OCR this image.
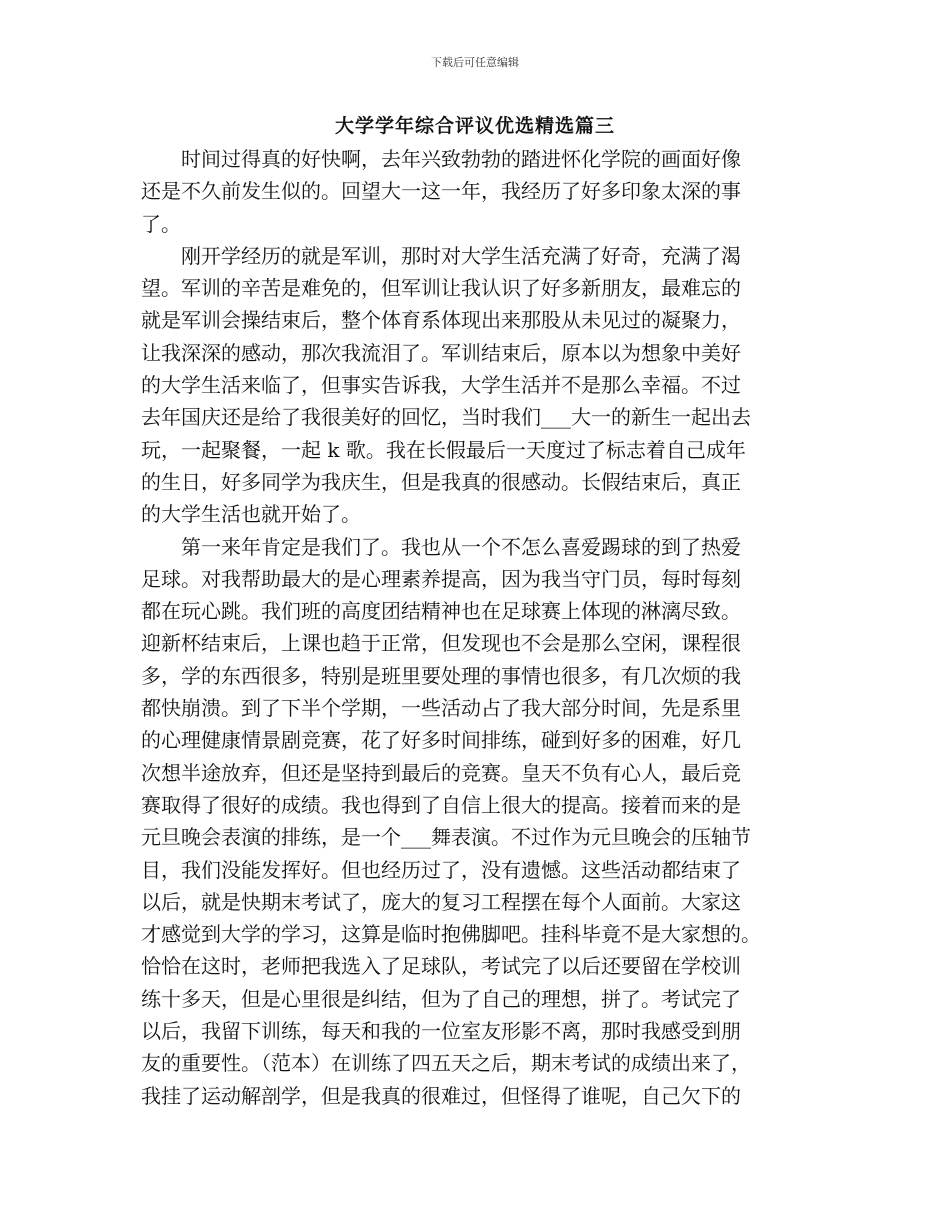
下载后可任意编辑
大学学年综合评议优选精选篇三
　　时间过得真的好快啊，去年兴致勃勃的踏进怀化学院的画面好像
还是不久前发生似的。回望大一这一年，我经历了好多印象太深的事
了。
　　刚开学经历的就是军训，那时对大学生活充满了好奇，充满了渴
望。军训的辛苦是难免的，但军训让我认识了好多新朋友，最难忘的
就是军训会操结束后，整个体育系体现出来那股从未见过的凝聚力，
让我深深的感动，那次我流泪了。军训结束后，原本以为想象中美好
的大学生活来临了，但事实告诉我，大学生活并不是那么幸福。不过
去年国庆还是给了我很美好的回忆，当时我们___大一的新生一起出去
玩，一起聚餐，一起 k 歌。我在长假最后一天度过了标志着自己成年
的生日，好多同学为我庆生，但是我真的很感动。长假结束后，真正
的大学生活也就开始了。
　　第一来年肯定是我们了。我也从一个不怎么喜爱踢球的到了热爱
足球。对我帮助最大的是心理素养提高，因为我当守门员，每时每刻
都在玩心跳。我们班的高度团结精神也在足球赛上体现的淋漓尽致。
迎新杯结束后，上课也趋于正常，但发现也不会是那么空闲，课程很
多，学的东西很多，特别是班里要处理的事情也很多，有几次烦的我
都快崩溃。到了下半个学期，一些活动占了我大部分时间，先是系里
的心理健康情景剧竞赛，花了好多时间排练，碰到好多的困难，好几
次想半途放弃，但还是坚持到最后的竞赛。皇天不负有心人，最后竞
赛取得了很好的成绩。我也得到了自信上很大的提高。接着而来的是
元旦晚会表演的排练，是一个___舞表演。不过作为元旦晚会的压轴节
目，我们没能发挥好。但也经历过了，没有遗憾。这些活动都结束了
以后，就是快期末考试了，庞大的复习工程摆在每个人面前。大家这
才感觉到大学的学习，这算是临时抱佛脚吧。挂科毕竟不是大家想的。
恰恰在这时，老师把我选入了足球队，考试完了以后还要留在学校训
练十多天，但是心里很是纠结，但为了自己的理想，拼了。考试完了
以后，我留下训练，每天和我的一位室友形影不离，那时我感受到朋
友的重要性。（范本）在训练了四五天之后，期末考试的成绩出来了，
我挂了运动解剖学，但是我真的很难过，但怪得了谁呢，自己欠下的
